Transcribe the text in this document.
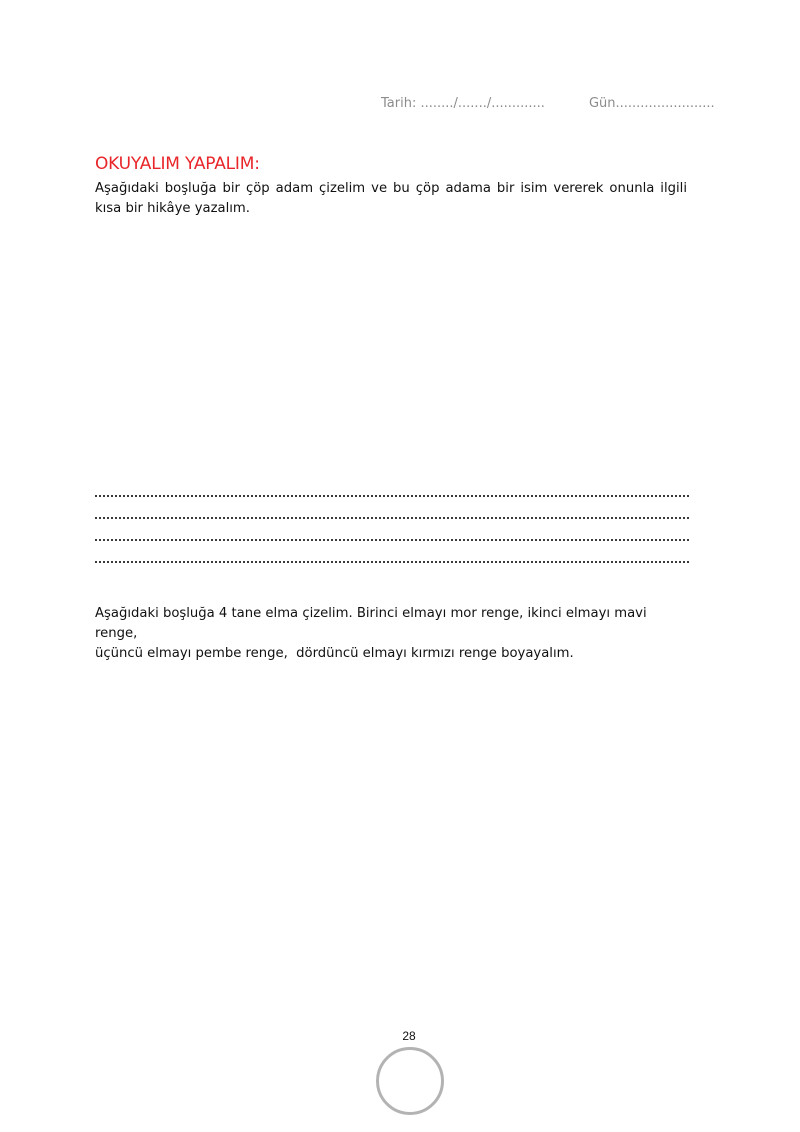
Tarih: ......../......./.............	Gün........................
OKUYALIM YAPALIM:
Aşağıdaki boşluğa bir çöp adam çizelim ve bu çöp adama bir isim vererek onunla ilgili kısa bir hikâye yazalım.
Aşağıdaki boşluğa 4 tane elma çizelim. Birinci elmayı mor renge, ikinci elmayı mavi renge,
üçüncü elmayı pembe renge,  dördüncü elmayı kırmızı renge boyayalım.
28
